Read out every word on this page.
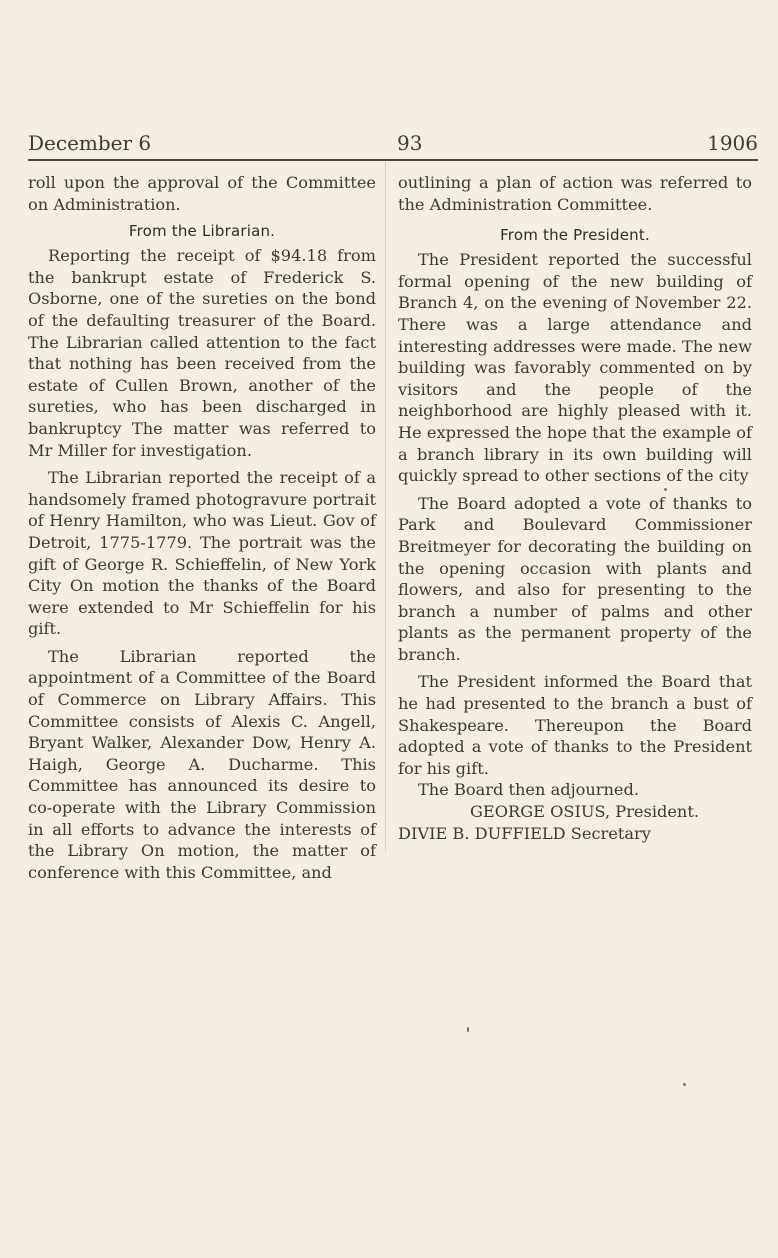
December 6	93	1906

roll upon the approval of the Committee on Administration.

From the Librarian.

Reporting the receipt of $94.18 from the bankrupt estate of Frederick S. Osborne, one of the sureties on the bond of the defaulting treasurer of the Board. The Librarian called attention to the fact that nothing has been received from the estate of Cullen Brown, another of the sureties, who has been discharged in bankruptcy The matter was referred to Mr Miller for investigation.

The Librarian reported the receipt of a handsomely framed photogravure portrait of Henry Hamilton, who was Lieut. Gov of Detroit, 1775-1779. The portrait was the gift of George R. Schieffelin, of New York City On motion the thanks of the Board were extended to Mr Schieffelin for his gift.

The Librarian reported the appointment of a Committee of the Board of Commerce on Library Affairs. This Committee consists of Alexis C. Angell, Bryant Walker, Alexander Dow, Henry A. Haigh, George A. Ducharme. This Committee has announced its desire to co-operate with the Library Commission in all efforts to advance the interests of the Library On motion, the matter of conference with this Committee, and

outlining a plan of action was referred to the Administration Committee.

From the President.

The President reported the successful formal opening of the new building of Branch 4, on the evening of November 22. There was a large attendance and interesting addresses were made. The new building was favorably commented on by visitors and the people of the neighborhood are highly pleased with it. He expressed the hope that the example of a branch library in its own building will quickly spread to other sections of the city

The Board adopted a vote of thanks to Park and Boulevard Commissioner Breitmeyer for decorating the building on the opening occasion with plants and flowers, and also for presenting to the branch a number of palms and other plants as the permanent property of the branch.

The President informed the Board that he had presented to the branch a bust of Shakespeare. Thereupon the Board adopted a vote of thanks to the President for his gift.

The Board then adjourned.

GEORGE OSIUS, President.

DIVIE B. DUFFIELD Secretary
